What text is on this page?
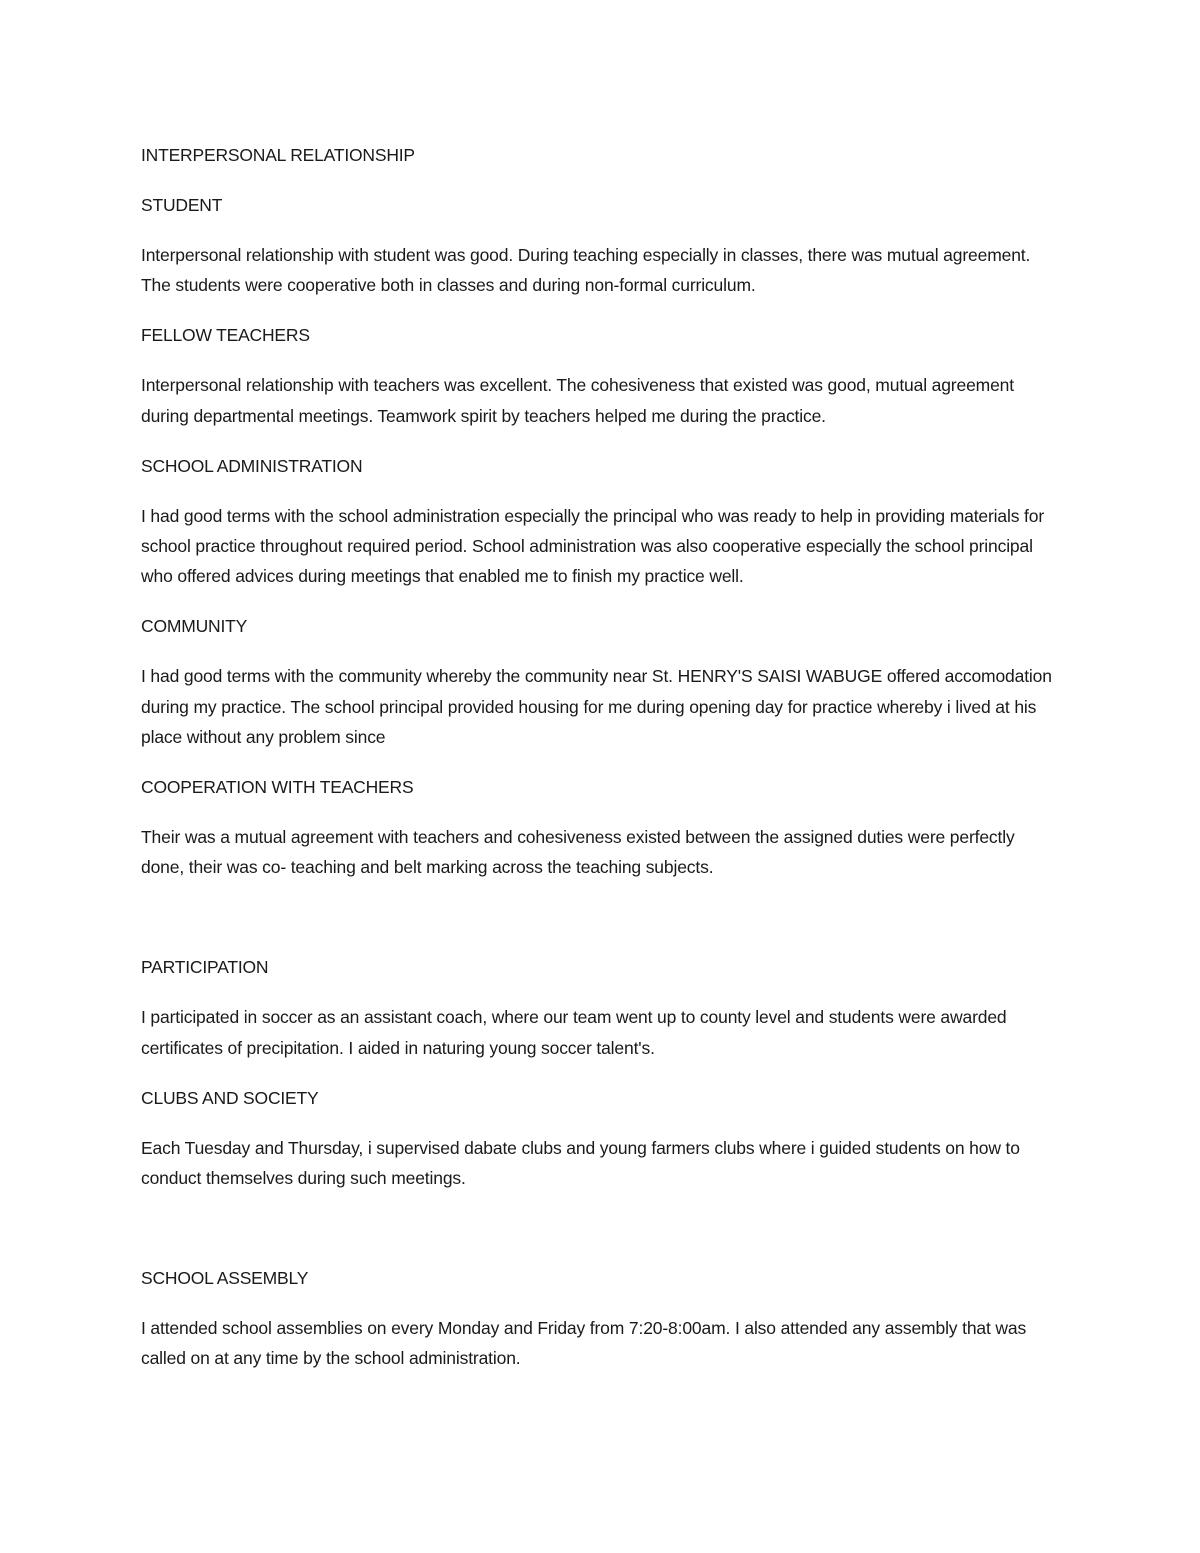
INTERPERSONAL RELATIONSHIP

STUDENT

Interpersonal relationship with student was good. During teaching especially in classes, there was mutual agreement. The students were cooperative both in classes and during non-formal curriculum.

FELLOW TEACHERS

Interpersonal relationship with teachers was excellent. The cohesiveness that existed was good, mutual agreement during departmental meetings. Teamwork spirit by teachers helped me during the practice.

SCHOOL ADMINISTRATION

I had good terms with the school administration especially the principal who was ready to help in providing materials for school practice throughout required period. School administration was also cooperative especially the school principal who offered advices during meetings that enabled me to finish my practice well.

COMMUNITY

I had good terms with the community whereby the community near St. HENRY'S SAISI WABUGE offered accomodation during my practice. The school principal provided housing for me during opening day for practice whereby i lived at his place without any problem since

COOPERATION WITH TEACHERS

Their was a mutual agreement with teachers and cohesiveness existed between the assigned duties were perfectly done, their was co- teaching and belt marking across the teaching subjects.

PARTICIPATION

I participated in soccer as an assistant coach, where our team went up to county level and students were awarded certificates of precipitation. I aided in naturing young soccer talent's.

CLUBS AND SOCIETY

Each Tuesday and Thursday, i supervised dabate clubs and young farmers clubs where i guided students on how to conduct themselves during such meetings.

SCHOOL ASSEMBLY

I attended school assemblies on every Monday and Friday from 7:20-8:00am. I also attended any assembly that was called on at any time by the school administration.
